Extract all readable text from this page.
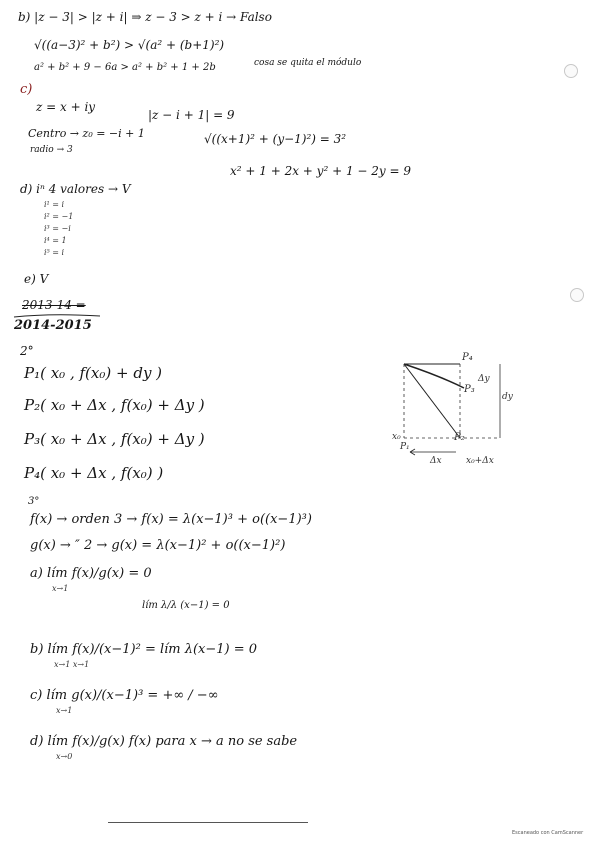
b) |z − 3| > |z + i| ⇒ z − 3 > z + i → Falso
√((a−3)² + b²) > √(a² + (b+1)²)
a² + b² + 9 − 6a > a² + b² + 1 + 2b	cosa se quita el módulo
c)
z = x + iy
|z − i + 1| = 9
Centro → z₀ = −i + 1
radio → 3
√((x+1)² + (y−1)²) = 3²
x² + 1 + 2x + y² + 1 − 2y = 9
d) iⁿ 4 valores → V
i¹ = i
i² = −1
i³ = −i
i⁴ = 1
i⁵ = i
e) V
2013-14 =
2014-2015
2°
P₁( x₀ , f(x₀) + dy )
P₂( x₀ + Δx , f(x₀) + Δy )
P₃( x₀ + Δx , f(x₀) + Δy )
P₄( x₀ + Δx , f(x₀) )
P₄
P₃
P₂
x₀
P₁
Δx	x₀+Δx
Δy
dy
3°
f(x) → orden 3 → f(x) = λ(x−1)³ + o((x−1)³)
g(x) → ″ 2 → g(x) = λ(x−1)² + o((x−1)²)
a) lím f(x)/g(x) = 0
x→1
lím λ/λ (x−1) = 0
b) lím f(x)/(x−1)² = lím λ(x−1) = 0
x→1 x→1
c) lím g(x)/(x−1)³ = +∞ / −∞
x→1
d) lím f(x)/g(x) f(x) para x → a no se sabe
x→0
Escaneado con CamScanner
